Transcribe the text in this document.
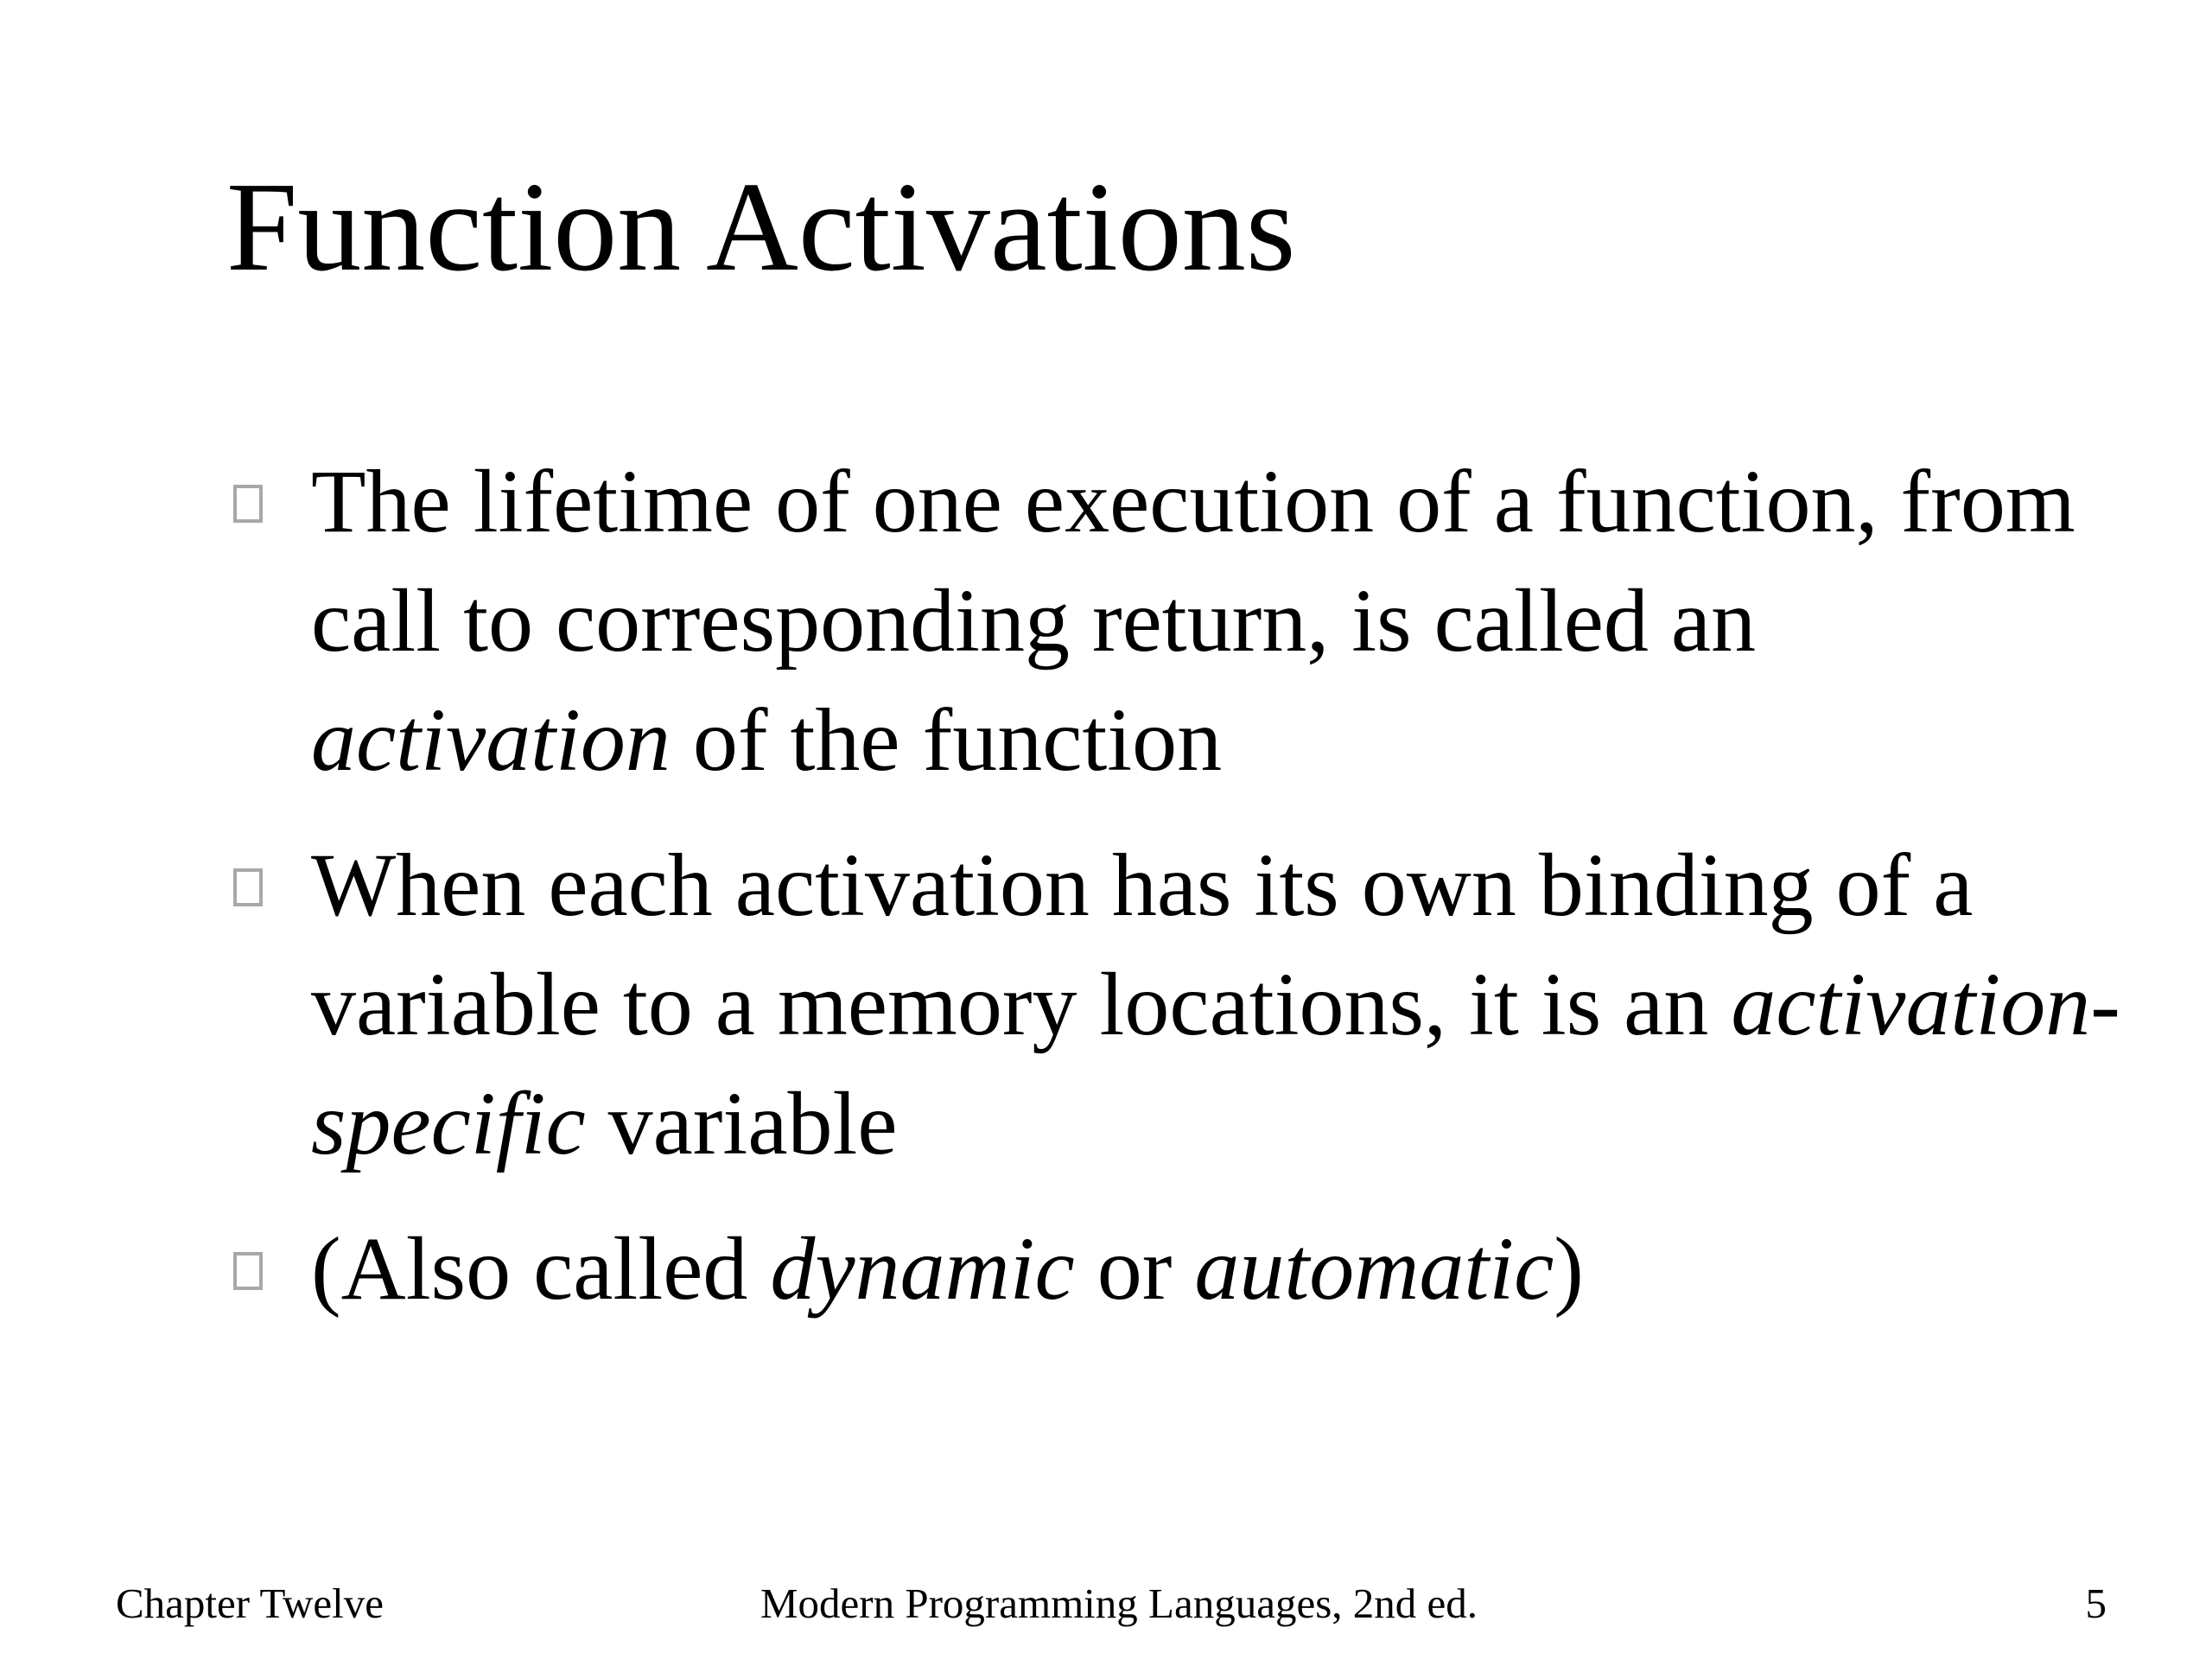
Function Activations
The lifetime of one execution of a function, from call to corresponding return, is called an activation of the function
When each activation has its own binding of a variable to a memory locations, it is an activation-specific variable
(Also called dynamic or automatic)
Chapter Twelve	Modern Programming Languages, 2nd ed.	5
